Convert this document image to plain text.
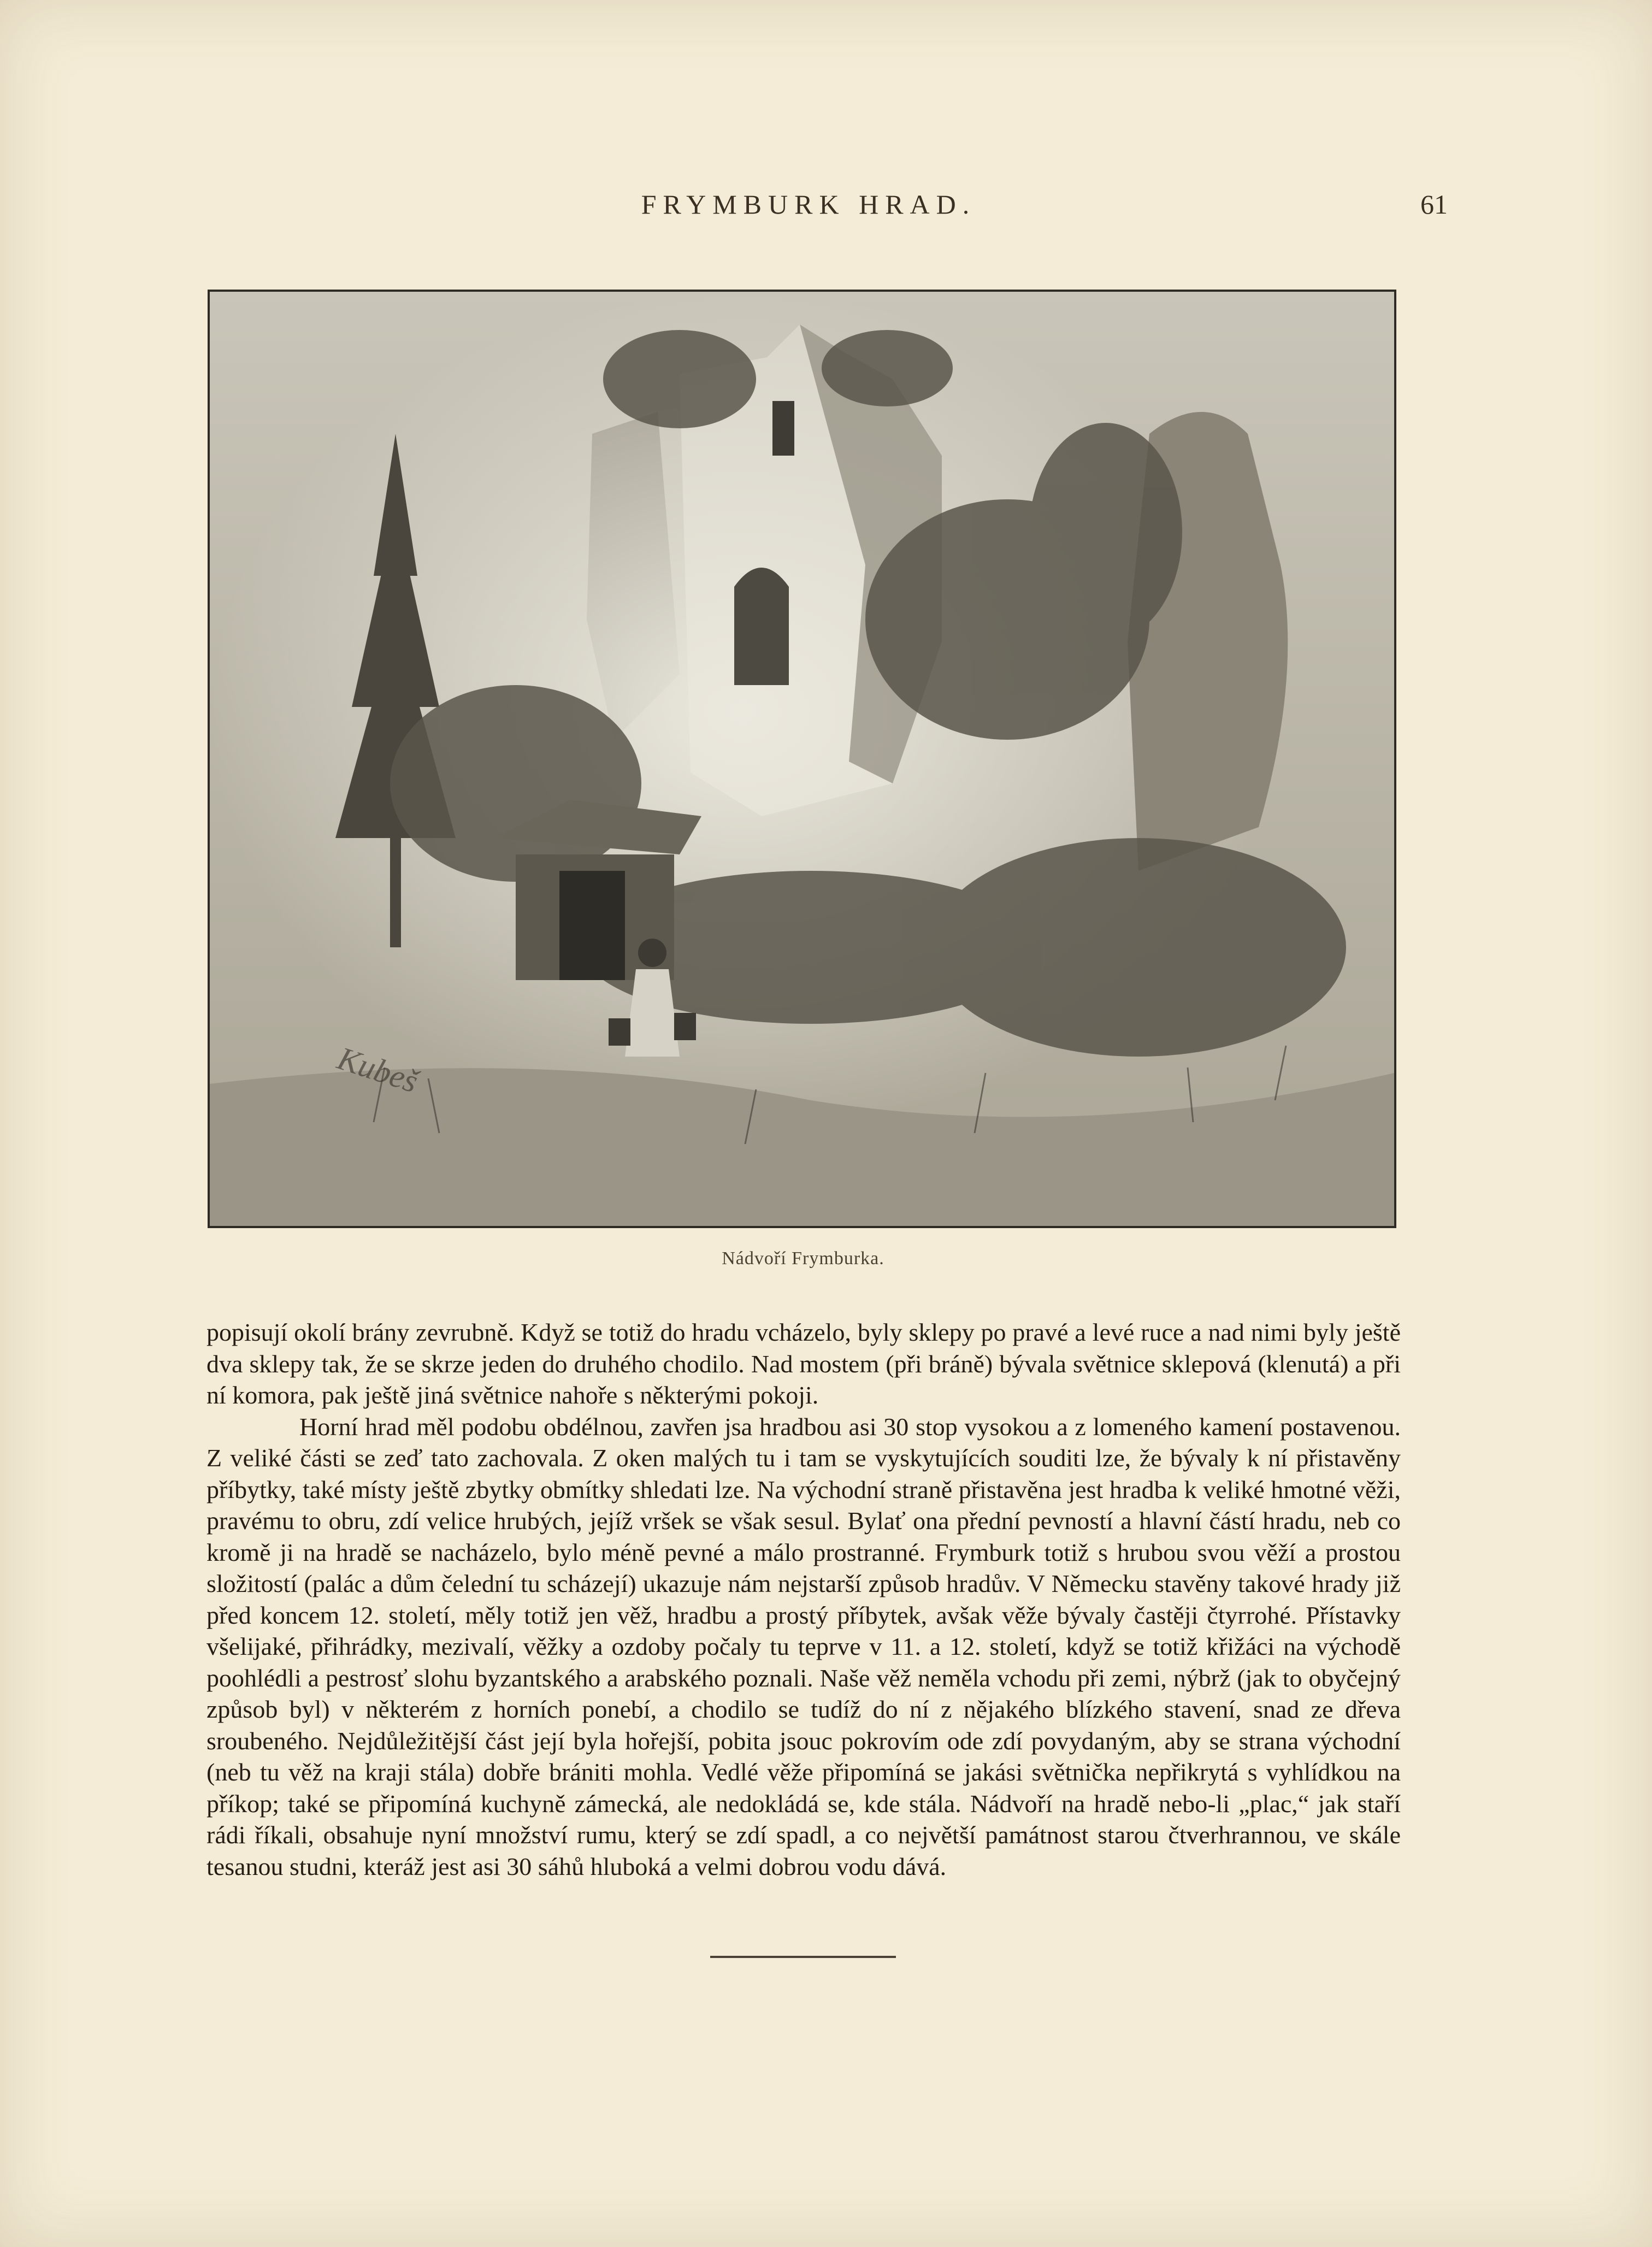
FRYMBURK HRAD.	61
Kubeš
Nádvoří Frymburka.

popisují okolí brány zevrubně. Když se totiž do hradu vcházelo, byly sklepy po pravé a levé ruce a nad nimi byly ještě dva sklepy tak, že se skrze jeden do druhého chodilo. Nad mostem (při bráně) bývala světnice sklepová (klenutá) a při ní komora, pak ještě jiná světnice nahoře s některými pokoji.

Horní hrad měl podobu obdélnou, zavřen jsa hradbou asi 30 stop vysokou a z lomeného kamení postavenou. Z veliké části se zeď tato zachovala. Z oken malých tu i tam se vyskytujících souditi lze, že bývaly k ní přistavěny příbytky, také místy ještě zbytky obmítky shledati lze. Na východní straně přistavěna jest hradba k veliké hmotné věži, pravému to obru, zdí velice hrubých, jejíž vršek se však sesul. Bylať ona přední pevností a hlavní částí hradu, neb co kromě ji na hradě se nacházelo, bylo méně pevné a málo prostranné. Frymburk totiž s hrubou svou věží a prostou složitostí (palác a dům čelední tu scházejí) ukazuje nám nejstarší způsob hradův. V Německu stavěny takové hrady již před koncem 12. století, měly totiž jen věž, hradbu a prostý příbytek, avšak věže bývaly častěji čtyrrohé. Přístavky všelijaké, přihrádky, mezivalí, věžky a ozdoby počaly tu teprve v 11. a 12. století, když se totiž křižáci na východě poohlédli a pestrosť slohu byzantského a arabského poznali. Naše věž neměla vchodu při zemi, nýbrž (jak to obyčejný způsob byl) v některém z horních ponebí, a chodilo se tudíž do ní z nějakého blízkého stavení, snad ze dřeva sroubeného. Nejdůležitější část její byla hořejší, pobita jsouc pokrovím ode zdí povydaným, aby se strana východní (neb tu věž na kraji stála) dobře brániti mohla. Vedlé věže připomíná se jakási světnička nepřikrytá s vyhlídkou na příkop; také se připomíná kuchyně zámecká, ale nedokládá se, kde stála. Nádvoří na hradě nebo-li „plac,“ jak staří rádi říkali, obsahuje nyní množství rumu, který se zdí spadl, a co největší památnost starou čtverhrannou, ve skále tesanou studni, kteráž jest asi 30 sáhů hluboká a velmi dobrou vodu dává.
